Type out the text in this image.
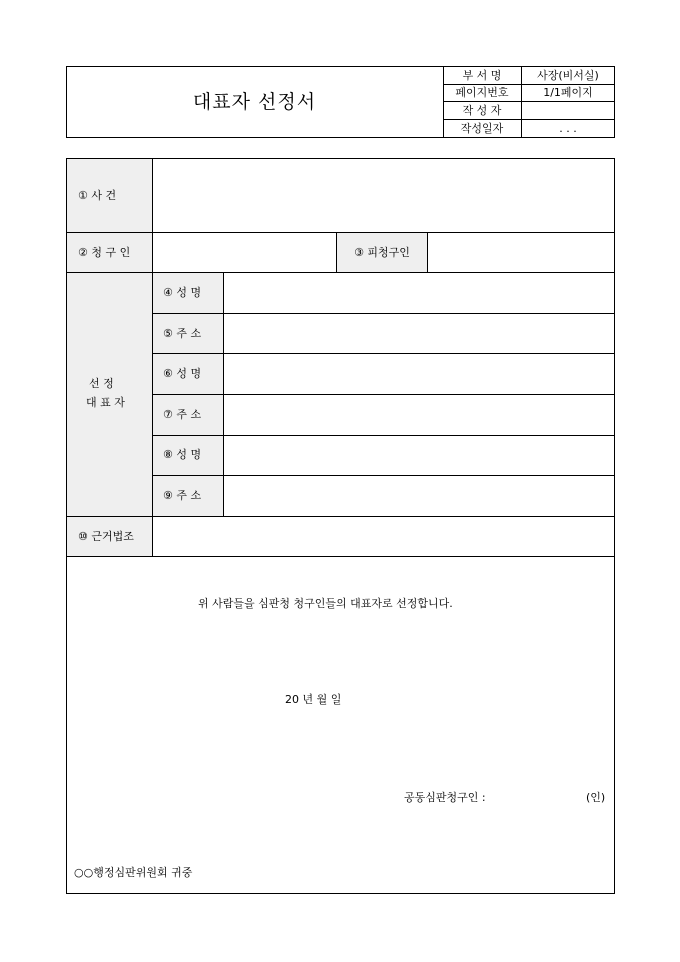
대표자 선정서
부 서 명	사장(비서실)
페이지번호	1/1페이지
작 성 자
작성일자	. . .
① 사 건
② 청 구 인	③ 피청구인
선 정
대 표 자
④ 성 명
⑤ 주 소
⑥ 성 명
⑦ 주 소
⑧ 성 명
⑨ 주 소
⑩ 근거법조
위 사람들을 심판청 청구인들의 대표자로 선정합니다.
20 년 월 일
공동심판청구인 :	(인)
○○행정심판위원회 귀중
